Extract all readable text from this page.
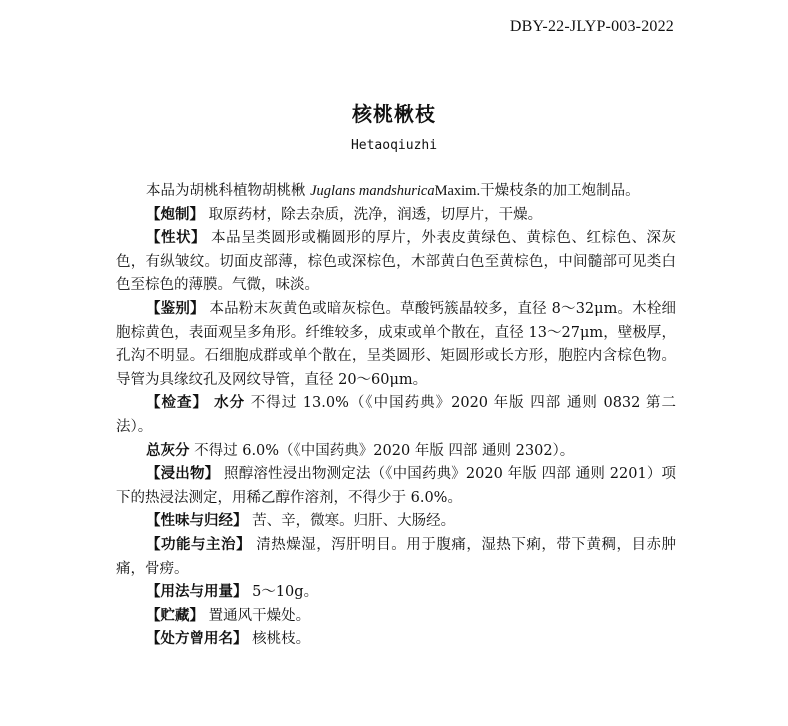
DBY-22-JLYP-003-2022
核桃楸枝
Hetaoqiuzhi

本品为胡桃科植物胡桃楸 Juglans mandshuricaMaxim.干燥枝条的加工炮制品。

【炮制】 取原药材，除去杂质，洗净，润透，切厚片，干燥。

【性状】 本品呈类圆形或椭圆形的厚片，外表皮黄绿色、黄棕色、红棕色、深灰色，有纵皱纹。切面皮部薄，棕色或深棕色，木部黄白色至黄棕色，中间髓部可见类白色至棕色的薄膜。气微，味淡。

【鉴别】 本品粉末灰黄色或暗灰棕色。草酸钙簇晶较多，直径 8～32μm。木栓细胞棕黄色，表面观呈多角形。纤维较多，成束或单个散在，直径 13～27μm，壁极厚，孔沟不明显。石细胞成群或单个散在，呈类圆形、矩圆形或长方形，胞腔内含棕色物。导管为具缘纹孔及网纹导管，直径 20～60μm。

【检查】 水分 不得过 13.0%（《中国药典》2020 年版 四部 通则 0832 第二法）。

总灰分 不得过 6.0%（《中国药典》2020 年版 四部 通则 2302）。

【浸出物】 照醇溶性浸出物测定法（《中国药典》2020 年版 四部 通则 2201）项下的热浸法测定，用稀乙醇作溶剂，不得少于 6.0%。

【性味与归经】 苦、辛，微寒。归肝、大肠经。

【功能与主治】 清热燥湿，泻肝明目。用于腹痛，湿热下痢，带下黄稠，目赤肿痛，骨痨。

【用法与用量】 5～10g。

【贮藏】 置通风干燥处。

【处方曾用名】 核桃枝。
